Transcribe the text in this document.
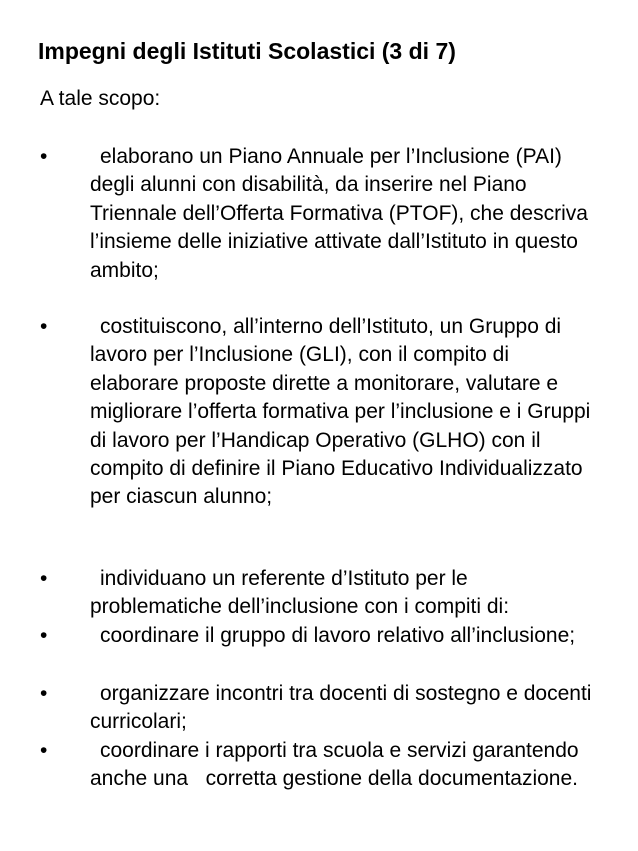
Impegni degli Istituti Scolastici (3 di 7)
A tale scopo:
•	elaborano un Piano Annuale per l’Inclusione (PAI) degli alunni con disabilità, da inserire nel Piano Triennale dell’Offerta Formativa (PTOF), che descriva l’insieme delle iniziative attivate dall’Istituto in questo ambito;
•	costituiscono, all’interno dell’Istituto, un Gruppo di lavoro per l’Inclusione (GLI), con il compito di elaborare proposte dirette a monitorare, valutare e migliorare l’offerta formativa per l’inclusione e i Gruppi di lavoro per l’Handicap Operativo (GLHO) con il compito di definire il Piano Educativo Individualizzato per ciascun alunno;
•	individuano un referente d’Istituto per le problematiche dell’inclusione con i compiti di:
•	coordinare il gruppo di lavoro relativo all’inclusione;
•	organizzare incontri tra docenti di sostegno e docenti curricolari;
•	coordinare i rapporti tra scuola e servizi garantendo anche una   corretta gestione della documentazione.
